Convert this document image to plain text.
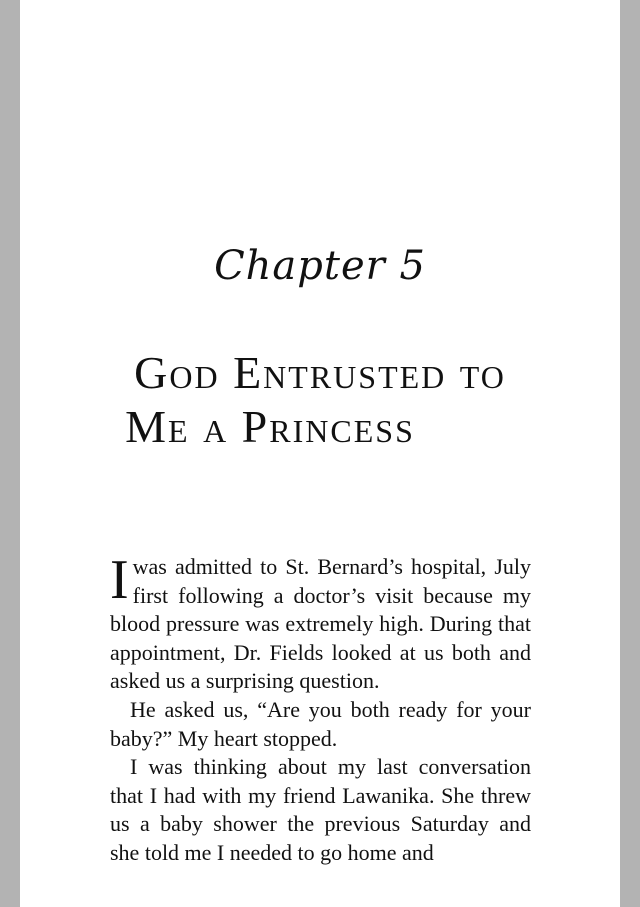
Chapter 5
God Entrusted to
Me a Princess

Iwas admitted to St. Bernard’s hospital, July first following a doctor’s visit because my blood pressure was extremely high. During that appointment, Dr. Fields looked at us both and asked us a surprising question.

He asked us, “Are you both ready for your baby?” My heart stopped.

I was thinking about my last conversation that I had with my friend Lawanika. She threw us a baby shower the previous Saturday and she told me I needed to go home and
